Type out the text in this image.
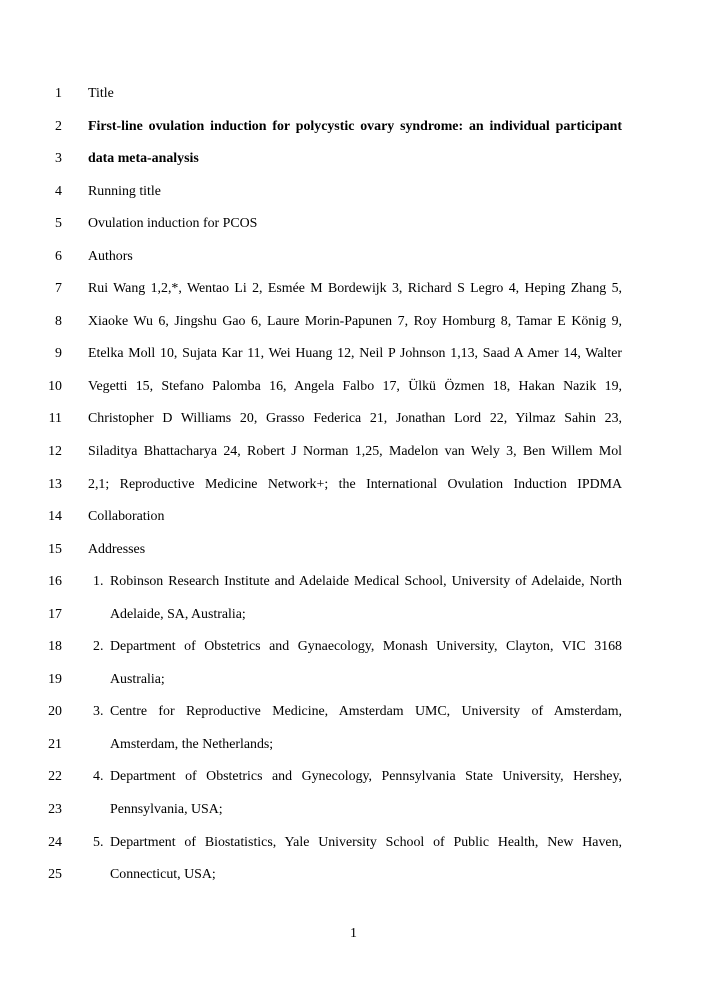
1 Title
2 First-line ovulation induction for polycystic ovary syndrome: an individual participant
3 data meta-analysis
4 Running title
5 Ovulation induction for PCOS
6 Authors
7 Rui Wang 1,2,*, Wentao Li 2, Esmée M Bordewijk 3, Richard S Legro 4, Heping Zhang 5,
8 Xiaoke Wu 6, Jingshu Gao 6, Laure Morin-Papunen 7, Roy Homburg 8, Tamar E König 9,
9 Etelka Moll 10, Sujata Kar 11, Wei Huang 12, Neil P Johnson 1,13, Saad A Amer 14, Walter
10 Vegetti 15, Stefano Palomba 16, Angela Falbo 17, Ülkü Özmen 18, Hakan Nazik 19,
11 Christopher D Williams 20, Grasso Federica 21, Jonathan Lord 22, Yilmaz Sahin 23,
12 Siladitya Bhattacharya 24, Robert J Norman 1,25, Madelon van Wely 3, Ben Willem Mol
13 2,1; Reproductive Medicine Network+; the International Ovulation Induction IPDMA
14 Collaboration
15 Addresses
16 1. Robinson Research Institute and Adelaide Medical School, University of Adelaide, North
17	Adelaide, SA, Australia;
18 2. Department of Obstetrics and Gynaecology, Monash University, Clayton, VIC 3168
19	Australia;
20 3. Centre for Reproductive Medicine, Amsterdam UMC, University of Amsterdam,
21	Amsterdam, the Netherlands;
22 4. Department of Obstetrics and Gynecology, Pennsylvania State University, Hershey,
23	Pennsylvania, USA;
24 5. Department of Biostatistics, Yale University School of Public Health, New Haven,
25	Connecticut, USA;
1
